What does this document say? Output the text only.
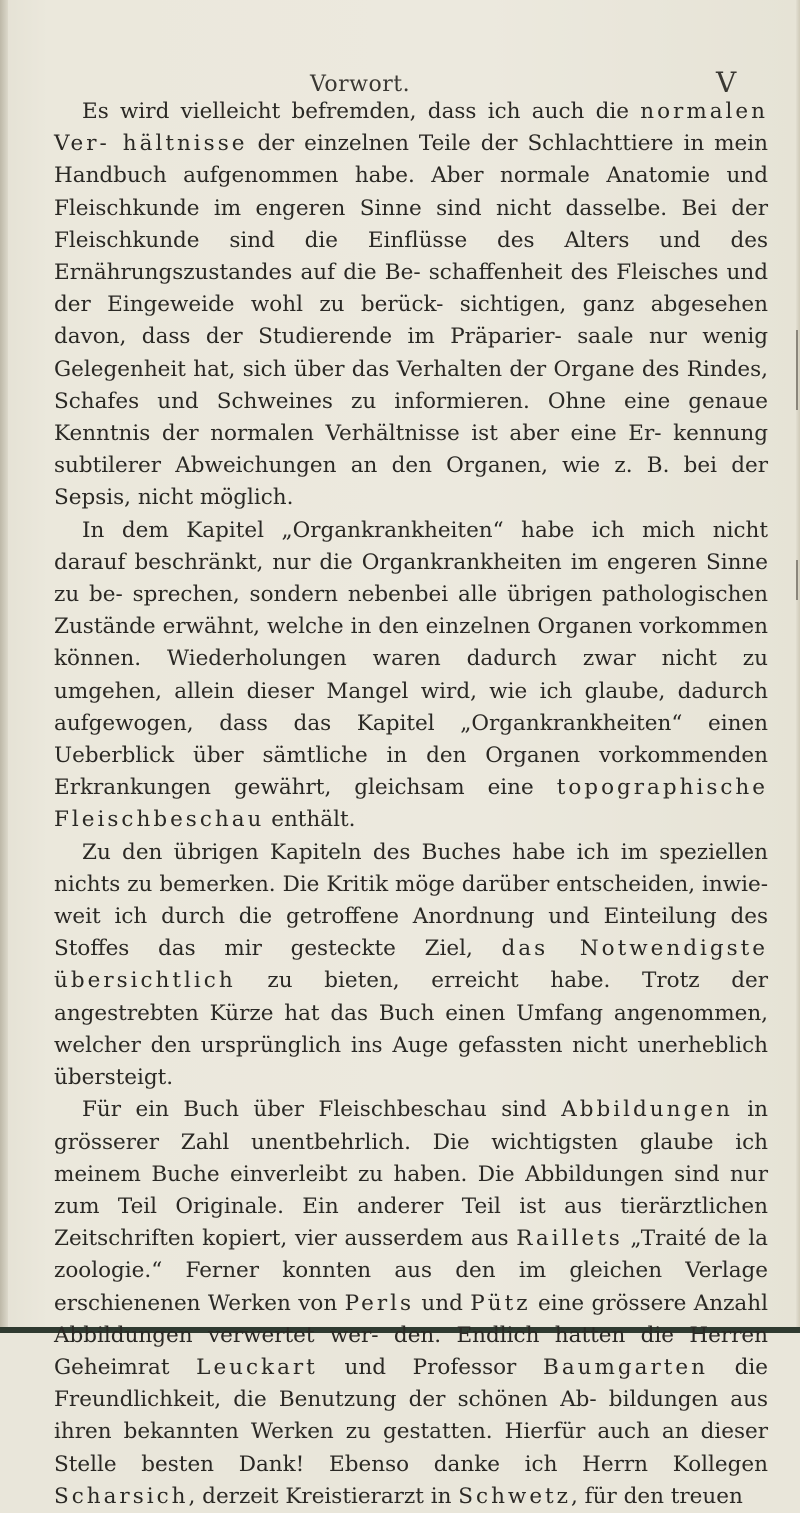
Vorwort.	V

Es wird vielleicht befremden, dass ich auch die normalen Ver- hältnisse der einzelnen Teile der Schlachttiere in mein Handbuch aufgenommen habe. Aber normale Anatomie und Fleischkunde im engeren Sinne sind nicht dasselbe. Bei der Fleischkunde sind die Einflüsse des Alters und des Ernährungszustandes auf die Be- schaffenheit des Fleisches und der Eingeweide wohl zu berück- sichtigen, ganz abgesehen davon, dass der Studierende im Präparier- saale nur wenig Gelegenheit hat, sich über das Verhalten der Organe des Rindes, Schafes und Schweines zu informieren. Ohne eine genaue Kenntnis der normalen Verhältnisse ist aber eine Er- kennung subtilerer Abweichungen an den Organen, wie z. B. bei der Sepsis, nicht möglich.

In dem Kapitel „Organkrankheiten“ habe ich mich nicht darauf beschränkt, nur die Organkrankheiten im engeren Sinne zu be- sprechen, sondern nebenbei alle übrigen pathologischen Zustände erwähnt, welche in den einzelnen Organen vorkommen können. Wiederholungen waren dadurch zwar nicht zu umgehen, allein dieser Mangel wird, wie ich glaube, dadurch aufgewogen, dass das Kapitel „Organkrankheiten“ einen Ueberblick über sämtliche in den Organen vorkommenden Erkrankungen gewährt, gleichsam eine topographische Fleischbeschau enthält.

Zu den übrigen Kapiteln des Buches habe ich im speziellen nichts zu bemerken. Die Kritik möge darüber entscheiden, inwie- weit ich durch die getroffene Anordnung und Einteilung des Stoffes das mir gesteckte Ziel, das Notwendigste übersichtlich zu bieten, erreicht habe. Trotz der angestrebten Kürze hat das Buch einen Umfang angenommen, welcher den ursprünglich ins Auge gefassten nicht unerheblich übersteigt.

Für ein Buch über Fleischbeschau sind Abbildungen in grösserer Zahl unentbehrlich. Die wichtigsten glaube ich meinem Buche einverleibt zu haben. Die Abbildungen sind nur zum Teil Originale. Ein anderer Teil ist aus tierärztlichen Zeitschriften kopiert, vier ausserdem aus Raillets „Traité de la zoologie.“ Ferner konnten aus den im gleichen Verlage erschienenen Werken von Perls und Pütz eine grössere Anzahl Abbildungen verwertet wer- den. Endlich hatten die Herren Geheimrat Leuckart und Professor Baumgarten die Freundlichkeit, die Benutzung der schönen Ab- bildungen aus ihren bekannten Werken zu gestatten. Hierfür auch an dieser Stelle besten Dank! Ebenso danke ich Herrn Kollegen Scharsich, derzeit Kreistierarzt in Schwetz, für den treuen
